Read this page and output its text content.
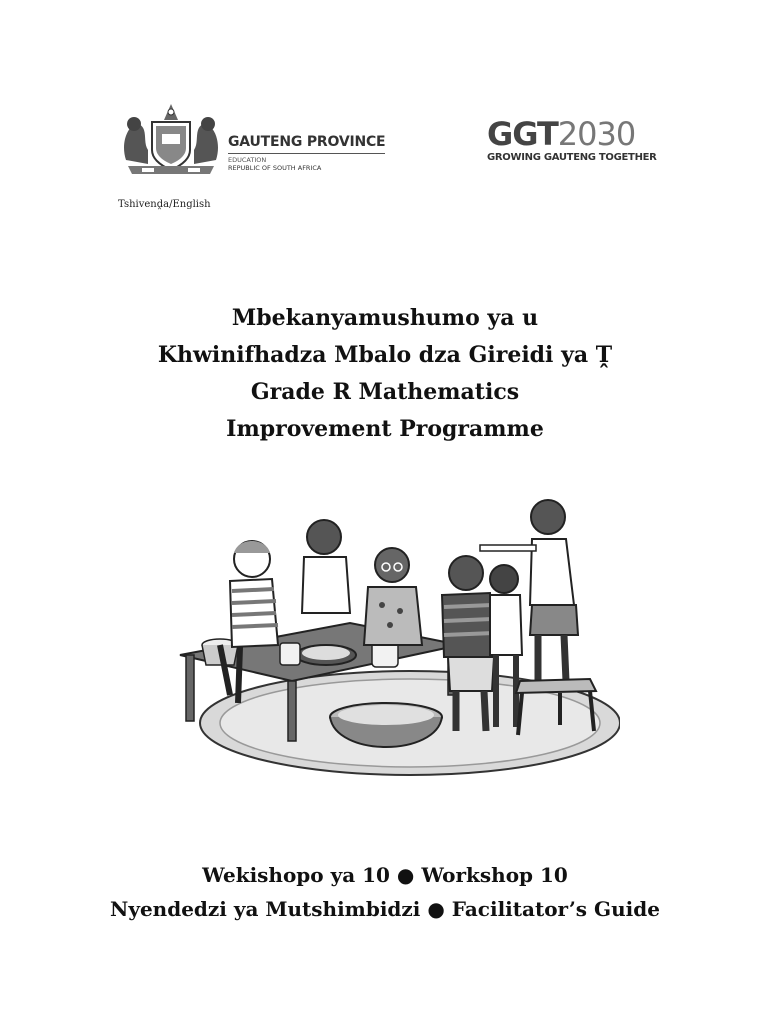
GAUTENG PROVINCE
EDUCATION
REPUBLIC OF SOUTH AFRICA
GGT2030
GROWING GAUTENG TOGETHER
Tshivenḓa/English
Mbekanyamushumo ya u
Khwinifhadza Mbalo dza Gireidi ya Ṱ
Grade R Mathematics
Improvement Programme
Wekishopo ya 10 ● Workshop 10
Nyendedzi ya Mutshimbidzi ● Facilitator’s Guide
